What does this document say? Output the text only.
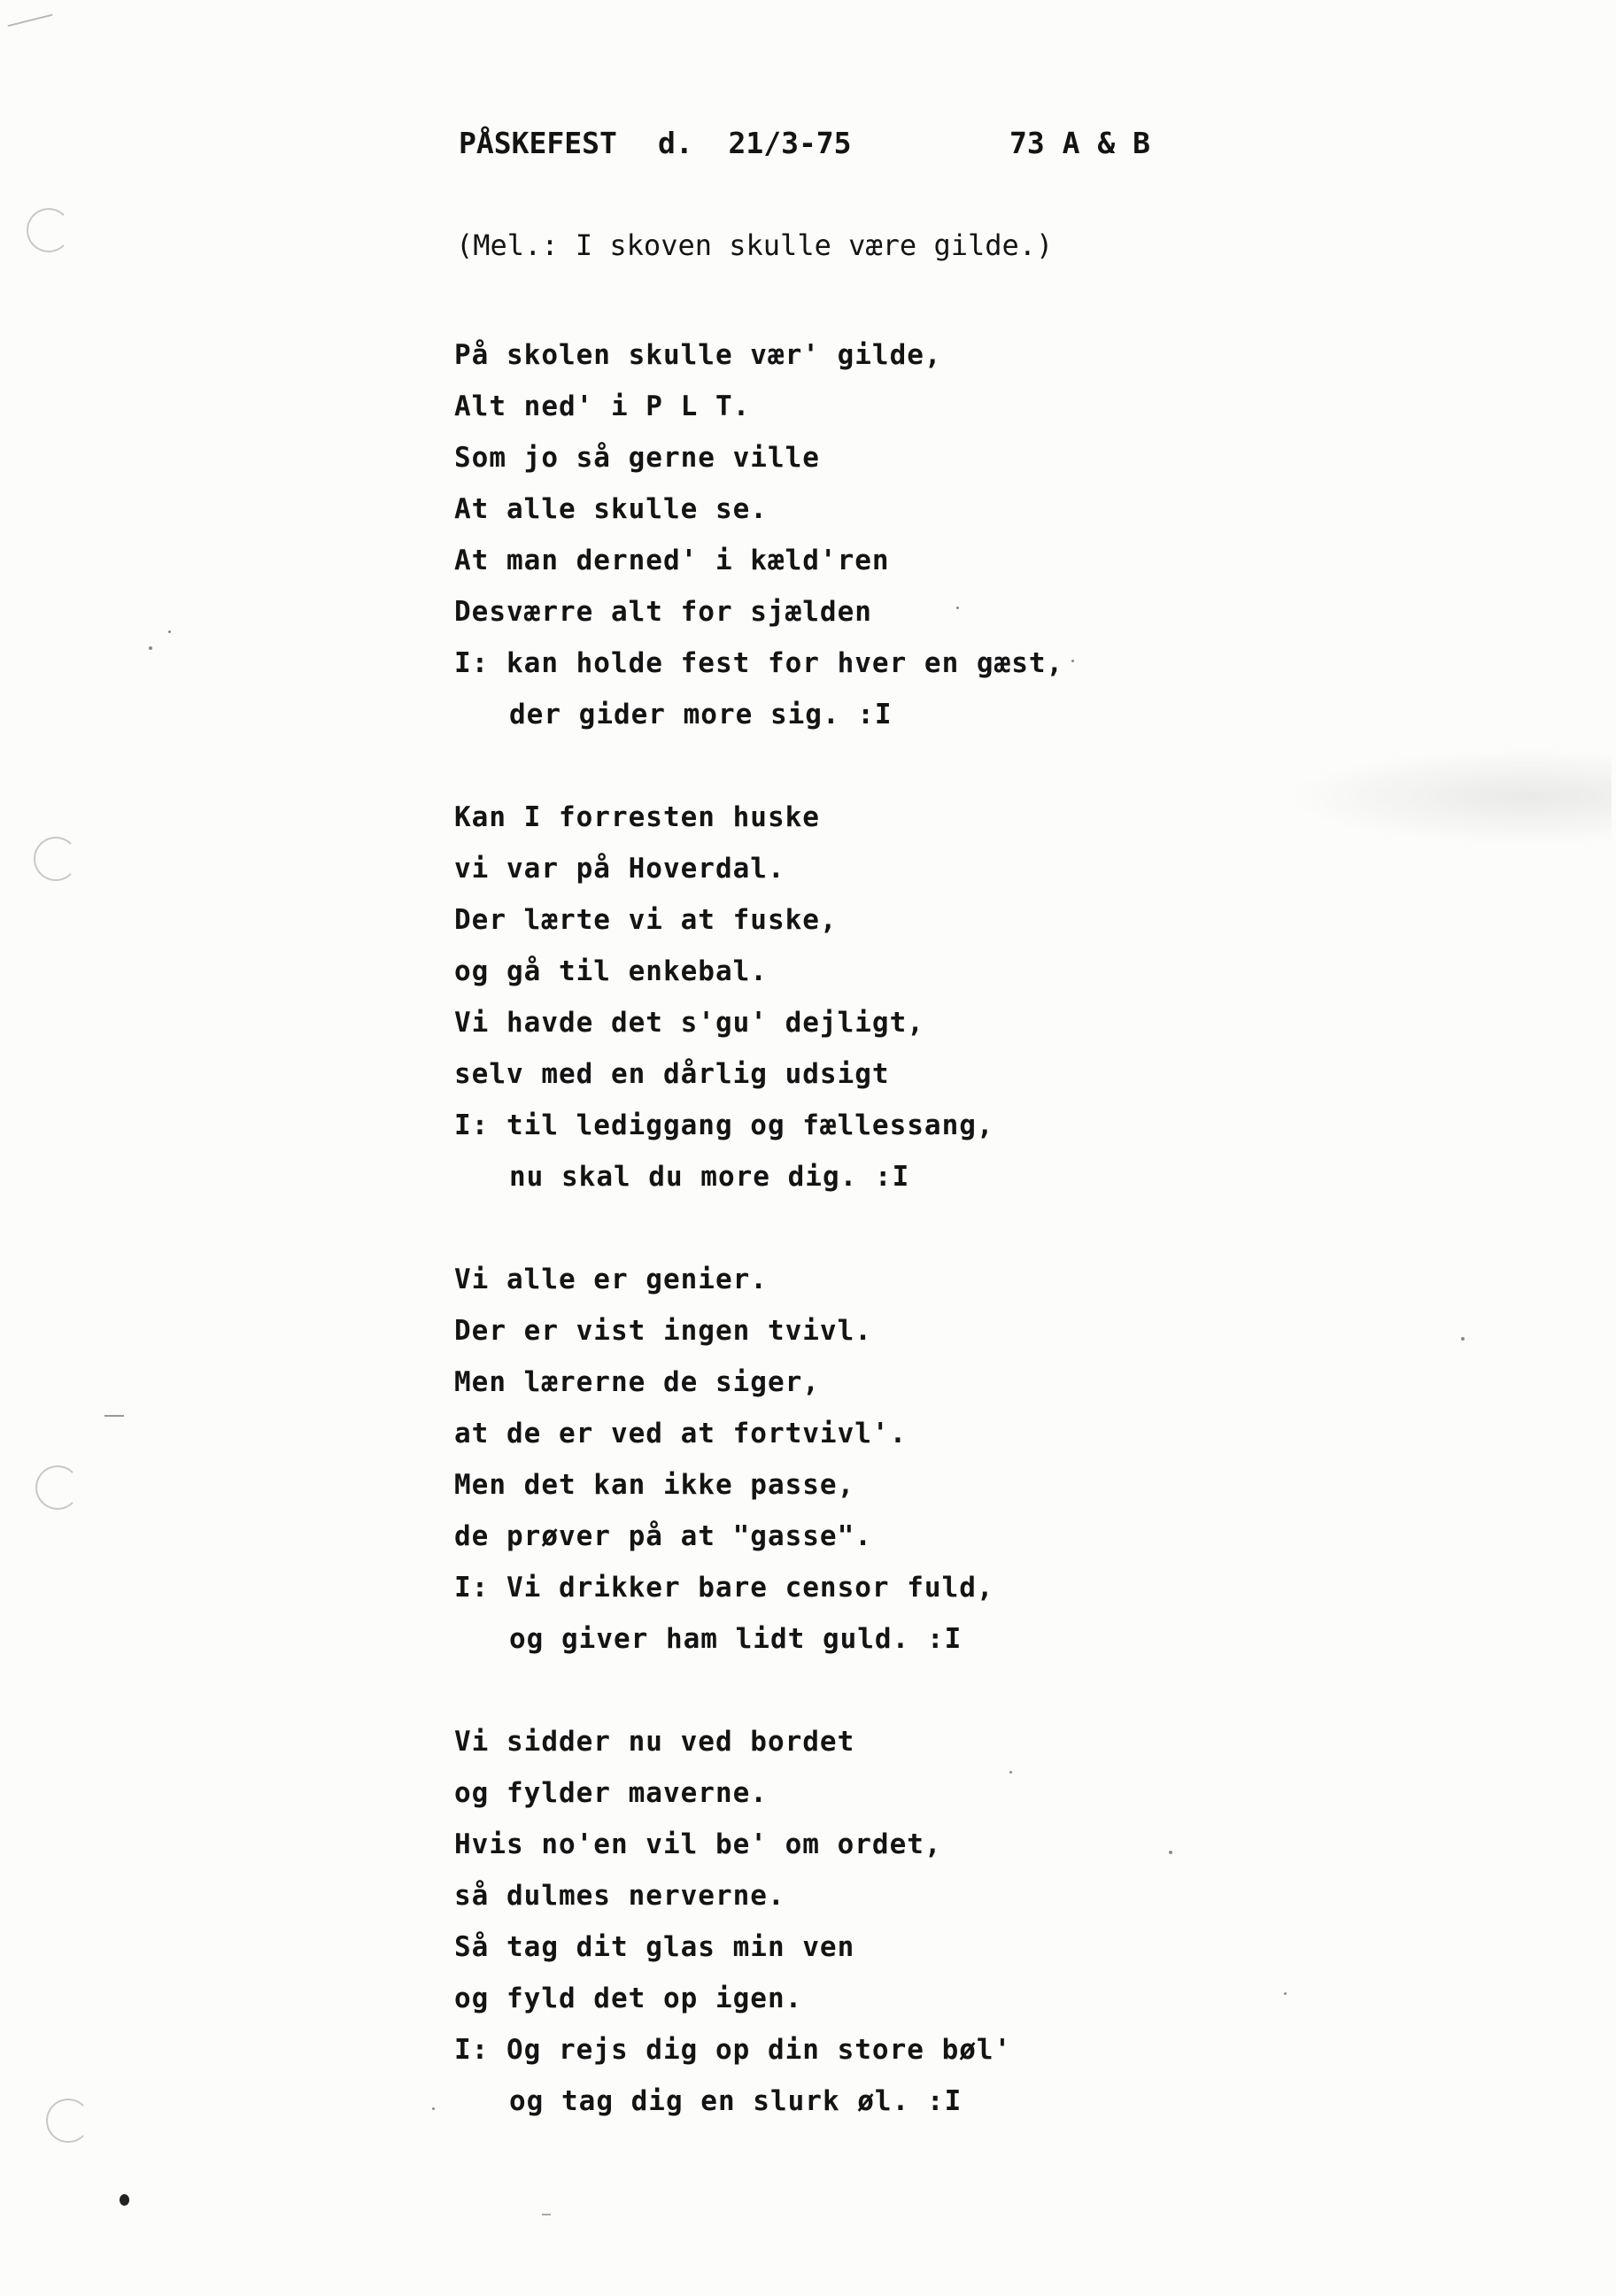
PÅSKEFEST d.  21/3-75	73 A & B
(Mel.: I skoven skulle være gilde.)
På skolen skulle vær' gilde,
Alt ned' i P L T.
Som jo så gerne ville
At alle skulle se.
At man derned' i kæld'ren
Desværre alt for sjælden
I: kan holde fest for hver en gæst,
der gider more sig. :I
Kan I forresten huske
vi var på Hoverdal.
Der lærte vi at fuske,
og gå til enkebal.
Vi havde det s'gu' dejligt,
selv med en dårlig udsigt
I: til lediggang og fællessang,
nu skal du more dig. :I
Vi alle er genier.
Der er vist ingen tvivl.
Men lærerne de siger,
at de er ved at fortvivl'.
Men det kan ikke passe,
de prøver på at "gasse".
I: Vi drikker bare censor fuld,
og giver ham lidt guld. :I
Vi sidder nu ved bordet
og fylder maverne.
Hvis no'en vil be' om ordet,
så dulmes nerverne.
Så tag dit glas min ven
og fyld det op igen.
I: Og rejs dig op din store bøl'
og tag dig en slurk øl. :I
